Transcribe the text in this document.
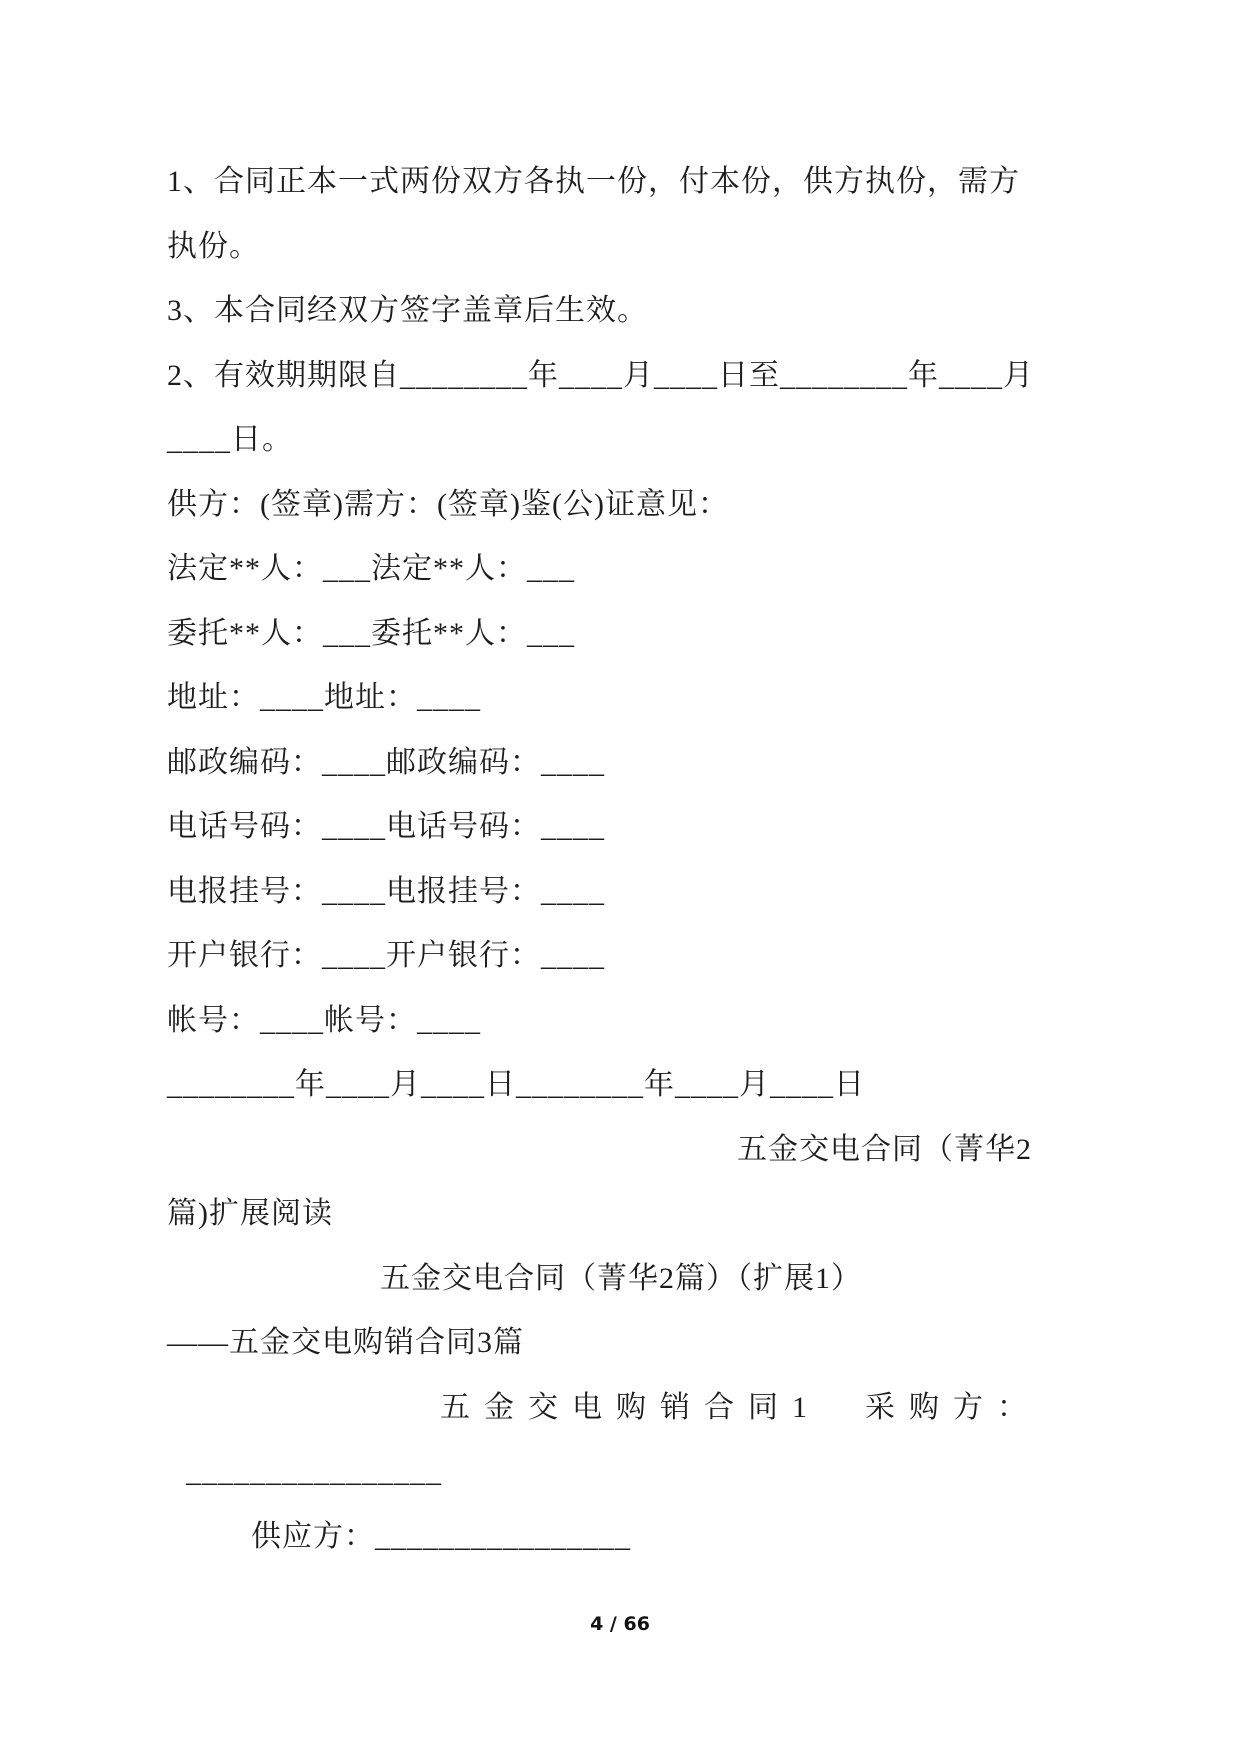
1、合同正本一式两份双方各执一份，付本份，供方执份，需方
执份。
3、本合同经双方签字盖章后生效。
2、有效期期限自________年____月____日至________年____月
____日。
供方：(签章)需方：(签章)鉴(公)证意见：
法定**人：___法定**人：___
委托**人：___委托**人：___
地址：____地址：____
邮政编码：____邮政编码：____
电话号码：____电话号码：____
电报挂号：____电报挂号：____
开户银行：____开户银行：____
帐号：____帐号：____
________年____月____日________年____月____日
五金交电合同（菁华2
篇)扩展阅读
五金交电合同（菁华2篇）（扩展1）
——五金交电购销合同3篇
五金交电购销合同1　采购方：
________________
供应方：________________
4 / 66
